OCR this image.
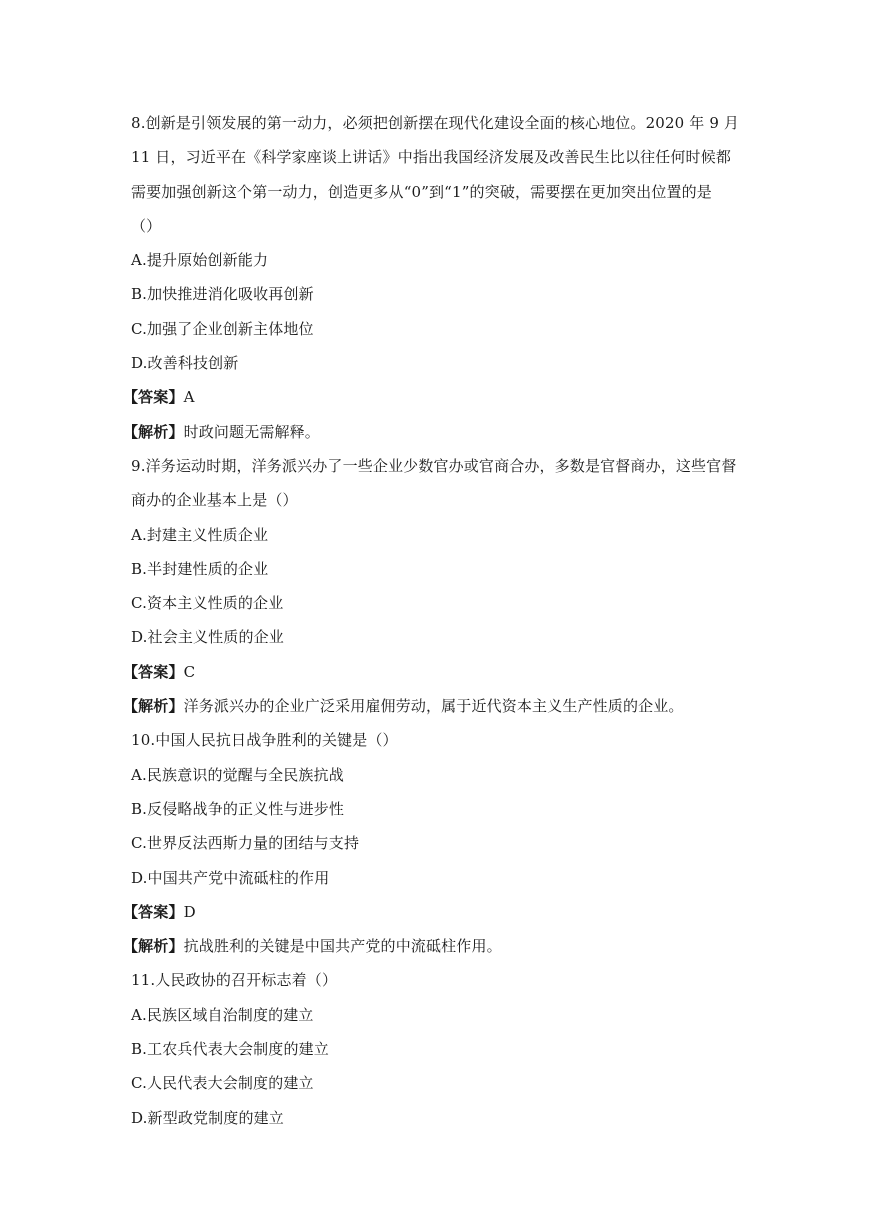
8.创新是引领发展的第一动力，必须把创新摆在现代化建设全面的核心地位。2020 年 9 月
11 日，习近平在《科学家座谈上讲话》中指出我国经济发展及改善民生比以往任何时候都
需要加强创新这个第一动力，创造更多从“0”到“1”的突破，需要摆在更加突出位置的是
（）
A.提升原始创新能力
B.加快推进消化吸收再创新
C.加强了企业创新主体地位
D.改善科技创新
【答案】A
【解析】时政问题无需解释。
9.洋务运动时期，洋务派兴办了一些企业少数官办或官商合办，多数是官督商办，这些官督
商办的企业基本上是（）
A.封建主义性质企业
B.半封建性质的企业
C.资本主义性质的企业
D.社会主义性质的企业
【答案】C
【解析】洋务派兴办的企业广泛采用雇佣劳动，属于近代资本主义生产性质的企业。
10.中国人民抗日战争胜利的关键是（）
A.民族意识的觉醒与全民族抗战
B.反侵略战争的正义性与进步性
C.世界反法西斯力量的团结与支持
D.中国共产党中流砥柱的作用
【答案】D
【解析】抗战胜利的关键是中国共产党的中流砥柱作用。
11.人民政协的召开标志着（）
A.民族区域自治制度的建立
B.工农兵代表大会制度的建立
C.人民代表大会制度的建立
D.新型政党制度的建立
